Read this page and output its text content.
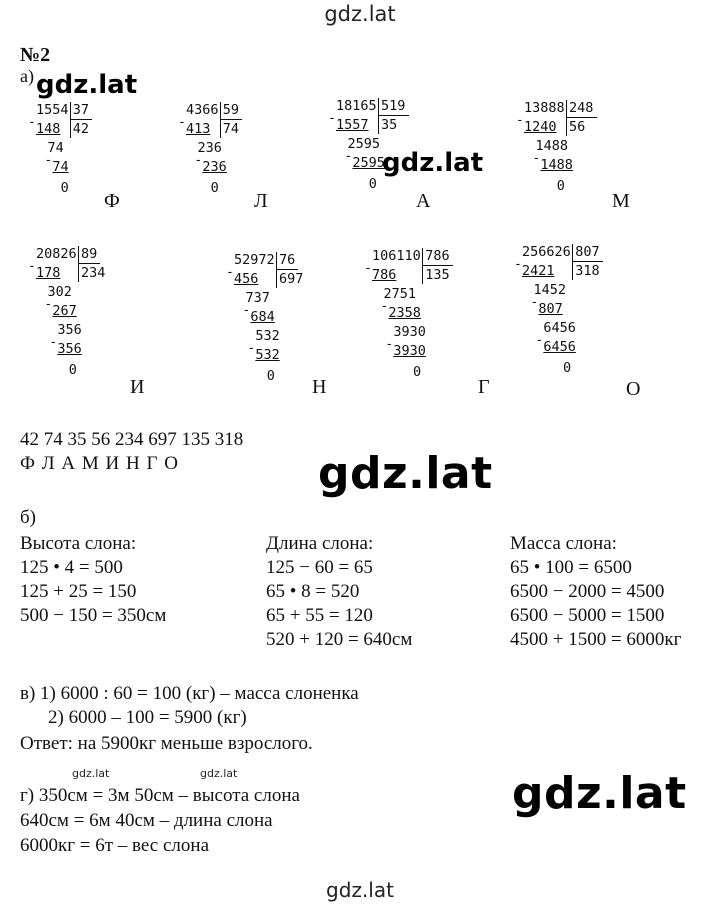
gdz.lat
gdz.lat
№2
а) gdz.lat
1554 37
42
148
-
74
74
-
0
Ф
4366 59
74
413
-
236
236
-
0
Л
18165 519
35
1557
-
2595
2595
-
0
А
13888 248
56
1240
-
1488
1488
-
0
М
20826 89
234
178
-
302
267
-
356
356
-
0
И
52972 76
697
456
-
737
684
-
532
532
-
0 Н
106110 786
135
786
-
2751
2358
-
3930
3930
-
0
Г
256626 807
318
2421
-
1452
807
-
6456
6456
-
0
О
gdz.lat
42 74 35 56 234 697 135 318
Ф Л А М И Н Г О	gdz.lat
б)
Высота слона:
125 • 4 = 500
125 + 25 = 150
500 − 150 = 350см
Длина слона:
125 − 60 = 65
65 • 8 = 520
65 + 55 = 120
520 + 120 = 640см
Масса слона:
65 • 100 = 6500
6500 − 2000 = 4500
6500 − 5000 = 1500
4500 + 1500 = 6000кг
в) 1) 6000 : 60 = 100 (кг) – масса слоненка
2) 6000 – 100 = 5900 (кг)
Ответ: на 5900кг меньше взрослого.
gdz.lat	gdz.lat
г) 350см = 3м 50см – высота слона
640см = 6м 40см – длина слона
6000кг = 6т – вес слона
gdz.lat
